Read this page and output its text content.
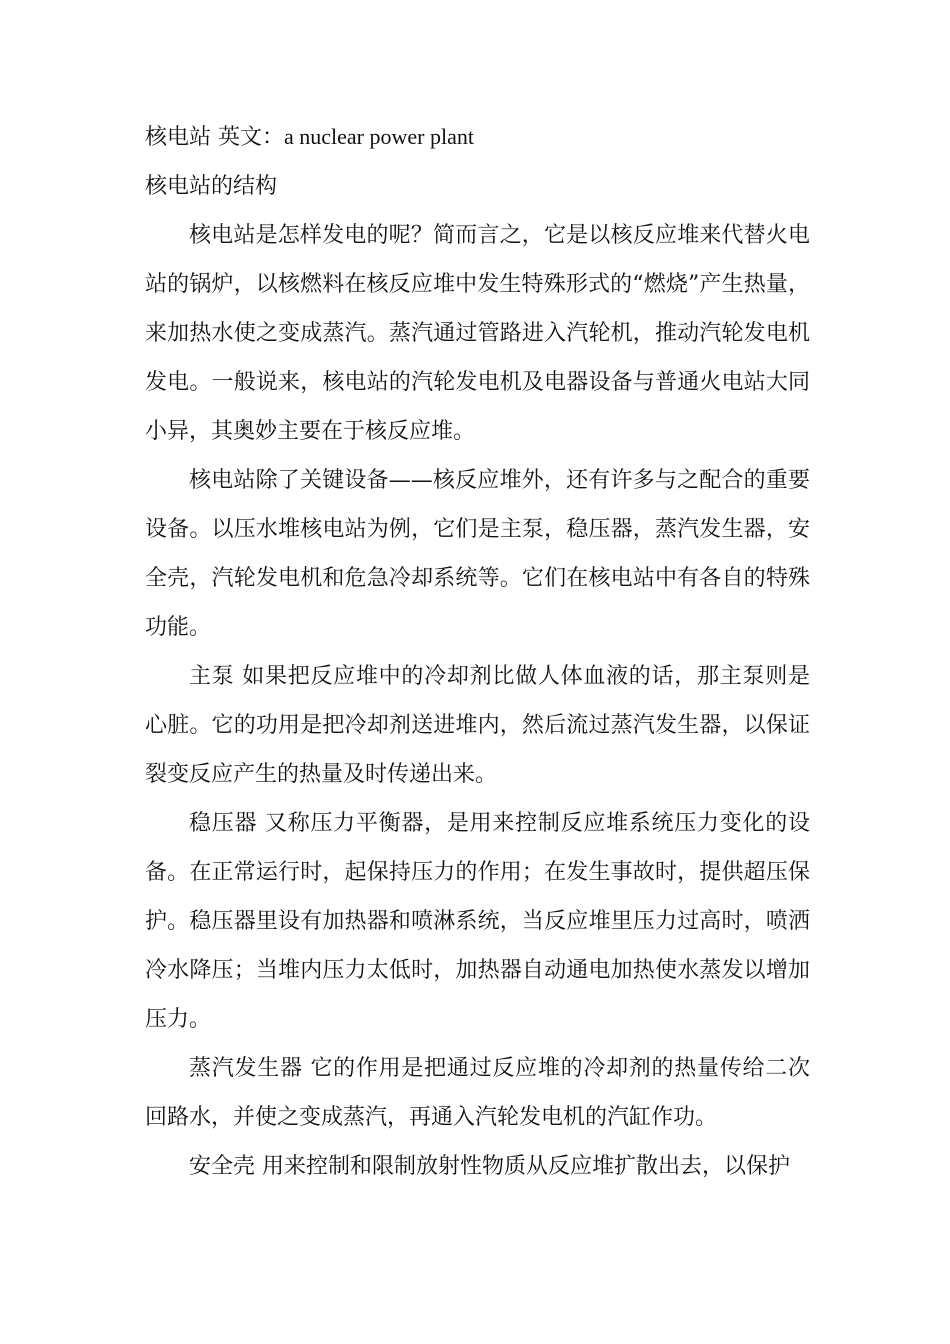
核电站 英文：a nuclear power plant

核电站的结构

核电站是怎样发电的呢？简而言之，它是以核反应堆来代替火电站的锅炉，以核燃料在核反应堆中发生特殊形式的“燃烧”产生热量，来加热水使之变成蒸汽。蒸汽通过管路进入汽轮机，推动汽轮发电机发电。一般说来，核电站的汽轮发电机及电器设备与普通火电站大同小异，其奥妙主要在于核反应堆。

核电站除了关键设备——核反应堆外，还有许多与之配合的重要设备。以压水堆核电站为例，它们是主泵，稳压器，蒸汽发生器，安全壳，汽轮发电机和危急冷却系统等。它们在核电站中有各自的特殊功能。

主泵 如果把反应堆中的冷却剂比做人体血液的话，那主泵则是心脏。它的功用是把冷却剂送进堆内，然后流过蒸汽发生器，以保证裂变反应产生的热量及时传递出来。

稳压器 又称压力平衡器，是用来控制反应堆系统压力变化的设备。在正常运行时，起保持压力的作用；在发生事故时，提供超压保护。稳压器里设有加热器和喷淋系统，当反应堆里压力过高时，喷洒冷水降压；当堆内压力太低时，加热器自动通电加热使水蒸发以增加压力。

蒸汽发生器 它的作用是把通过反应堆的冷却剂的热量传给二次回路水，并使之变成蒸汽，再通入汽轮发电机的汽缸作功。

安全壳 用来控制和限制放射性物质从反应堆扩散出去，以保护
